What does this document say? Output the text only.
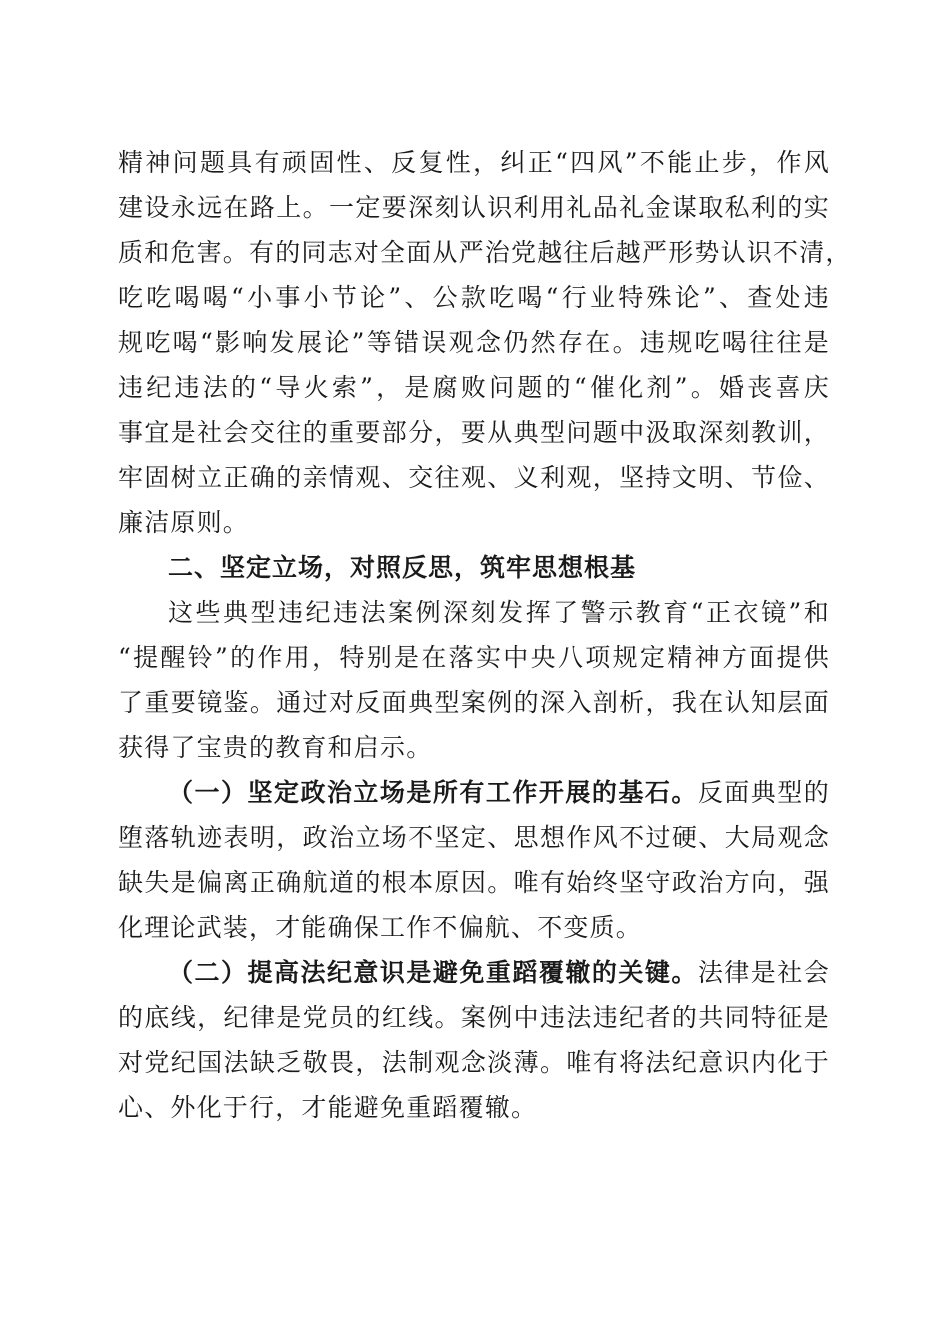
精神问题具有顽固性、反复性，纠正“四风”不能止步，作风
建设永远在路上。一定要深刻认识利用礼品礼金谋取私利的实
质和危害。有的同志对全面从严治党越往后越严形势认识不清，
吃吃喝喝“小事小节论”、公款吃喝“行业特殊论”、查处违
规吃喝“影响发展论”等错误观念仍然存在。违规吃喝往往是
违纪违法的“导火索”，是腐败问题的“催化剂”。婚丧喜庆
事宜是社会交往的重要部分，要从典型问题中汲取深刻教训，
牢固树立正确的亲情观、交往观、义利观，坚持文明、节俭、
廉洁原则。
二、坚定立场，对照反思，筑牢思想根基
这些典型违纪违法案例深刻发挥了警示教育“正衣镜”和
“提醒铃”的作用，特别是在落实中央八项规定精神方面提供
了重要镜鉴。通过对反面典型案例的深入剖析，我在认知层面
获得了宝贵的教育和启示。
（一）坚定政治立场是所有工作开展的基石。反面典型的
堕落轨迹表明，政治立场不坚定、思想作风不过硬、大局观念
缺失是偏离正确航道的根本原因。唯有始终坚守政治方向，强
化理论武装，才能确保工作不偏航、不变质。
（二）提高法纪意识是避免重蹈覆辙的关键。法律是社会
的底线，纪律是党员的红线。案例中违法违纪者的共同特征是
对党纪国法缺乏敬畏，法制观念淡薄。唯有将法纪意识内化于
心、外化于行，才能避免重蹈覆辙。
